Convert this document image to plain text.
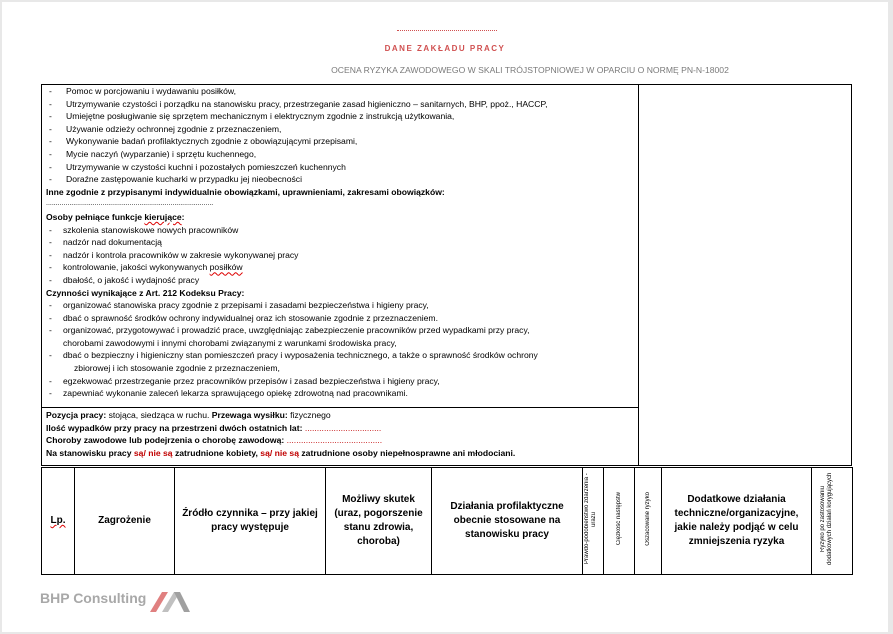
DANE ZAKŁADU PRACY
OCENA RYZYKA ZAWODOWEGO W SKALI TRÓJSTOPNIOWEJ W OPARCIU O NORMĘ PN-N-18002
- Pomoc w porcjowaniu i wydawaniu posiłków,
- Utrzymywanie czystości i porządku na stanowisku pracy, przestrzeganie zasad higieniczno – sanitarnych, BHP, ppoż., HACCP,
- Umiejętne posługiwanie się sprzętem mechanicznym i elektrycznym zgodnie z instrukcją użytkowania,
- Używanie odzieży ochronnej zgodnie z przeznaczeniem,
- Wykonywanie badań profilaktycznych zgodnie z obowiązującymi przepisami,
- Mycie naczyń (wyparzanie) i sprzętu kuchennego,
- Utrzymywanie w czystości kuchni i pozostałych pomieszczeń kuchennych
- Doraźne zastępowanie kucharki w przypadku jej nieobecności
Inne zgodnie z przypisanymi indywidualnie obowiązkami, uprawnieniami, zakresami obowiązków:
......................................................................................
Osoby pełniące funkcje kierujące:
- szkolenia stanowiskowe nowych pracowników
- nadzór nad dokumentacją
- nadzór i kontrola pracowników w zakresie wykonywanej pracy
- kontrolowanie, jakości wykonywanych posiłków
- dbałość, o jakość i wydajność pracy
Czynności wynikające z Art. 212 Kodeksu Pracy:
- organizować stanowiska pracy zgodnie z przepisami i zasadami bezpieczeństwa i higieny pracy,
- dbać o sprawność środków ochrony indywidualnej oraz ich stosowanie zgodnie z przeznaczeniem.
- organizować, przygotowywać i prowadzić prace, uwzględniając zabezpieczenie pracowników przed wypadkami przy pracy,
chorobami zawodowymi i innymi chorobami związanymi z warunkami środowiska pracy,
- dbać o bezpieczny i higieniczny stan pomieszczeń pracy i wyposażenia technicznego, a także o sprawność środków ochrony
zbiorowej i ich stosowanie zgodnie z przeznaczeniem,
- egzekwować przestrzeganie przez pracowników przepisów i zasad bezpieczeństwa i higieny pracy,
- zapewniać wykonanie zaleceń lekarza sprawującego opiekę zdrowotną nad pracownikami.
Pozycja pracy: stojąca, siedząca w ruchu. Przewaga wysiłku: fizycznego
Ilość wypadków przy pracy na przestrzeni dwóch ostatnich lat: ................................
Choroby zawodowe lub podejrzenia o chorobę zawodową: ........................................
Na stanowisku pracy są/ nie są zatrudnione kobiety, są/ nie są zatrudnione osoby niepełnosprawne ani młodociani.
Lp.	Zagrożenie	Źródło czynnika – przy jakiej pracy występuje	Możliwy skutek (uraz, pogorszenie stanu zdrowia, choroba)	Działania profilaktyczne obecnie stosowane na stanowisku pracy	Prawdo-podobieństwo zdarzenia - urazu	Ciężkość następstw	Oszacowane ryzyko	Dodatkowe działania techniczne/organizacyjne, jakie należy podjąć w celu zmniejszenia ryzyka	Ryzyko po zastosowaniu dodatkowych działań korygujących
BHP Consulting
